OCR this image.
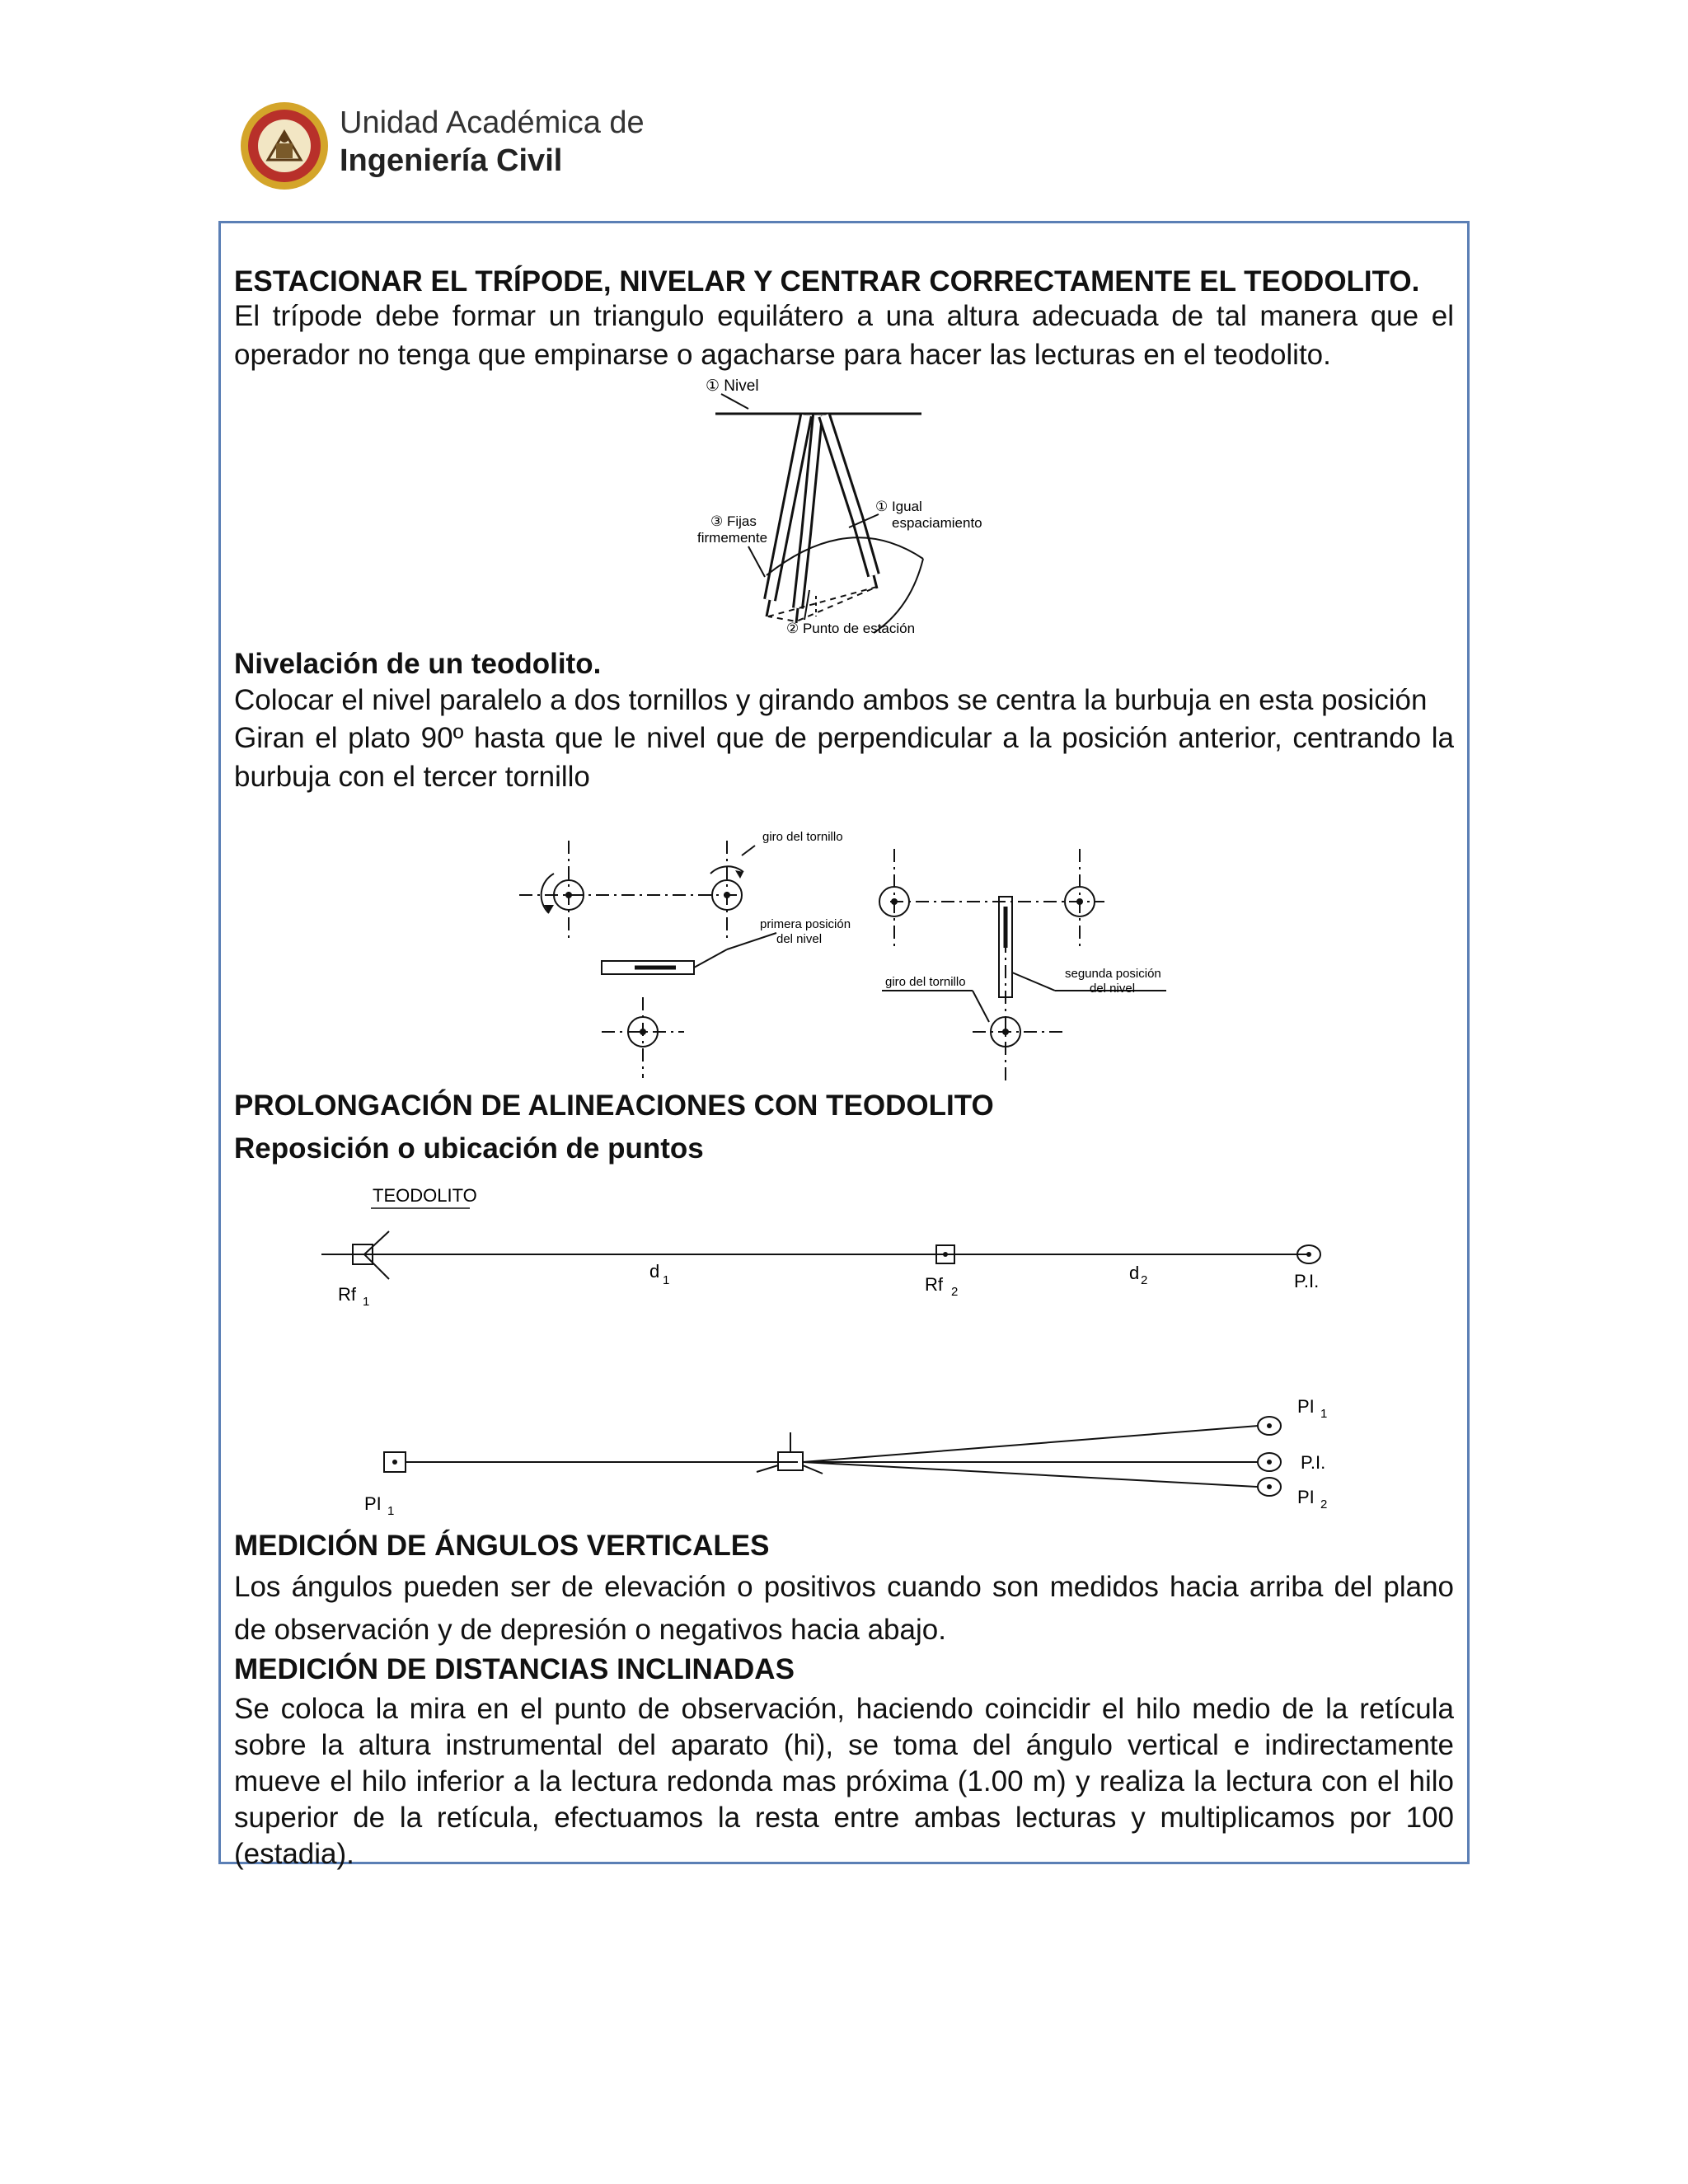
Unidad Académica de
Ingeniería Civil
ESTACIONAR EL TRÍPODE, NIVELAR Y CENTRAR CORRECTAMENTE EL TEODOLITO.
El trípode debe formar un triangulo equilátero a una altura adecuada de tal manera que el operador no tenga que empinarse o agacharse para hacer las lecturas en el teodolito.
① Nivel
③ Fijas
firmemente
① Igual
espaciamiento
② Punto de estación
Nivelación de un teodolito.
Colocar el nivel paralelo a dos tornillos y girando ambos se centra la burbuja en esta posición
Giran el plato 90º hasta que le nivel que de perpendicular a la posición anterior, centrando la burbuja con el tercer tornillo
giro del tornillo
primera posición
del nivel
giro del tornillo
segunda posición
del nivel
PROLONGACIÓN DE ALINEACIONES CON TEODOLITO
Reposición o ubicación de puntos
TEODOLITO
Rf 1
d 1	Rf 2
d 2	P.I.
PI 1
PI 1
P.I.
PI 2
MEDICIÓN DE ÁNGULOS VERTICALES
Los ángulos pueden ser de elevación o positivos cuando son medidos hacia arriba del plano de observación y de depresión o negativos hacia abajo.
MEDICIÓN DE DISTANCIAS INCLINADAS
Se coloca la mira en el punto de observación, haciendo coincidir el hilo medio de la retícula sobre la altura instrumental del aparato (hi), se toma del ángulo vertical e indirectamente mueve el hilo inferior a la lectura redonda mas próxima (1.00 m) y realiza la lectura con el hilo superior de la retícula, efectuamos la resta entre ambas lecturas y multiplicamos por 100 (estadia).
